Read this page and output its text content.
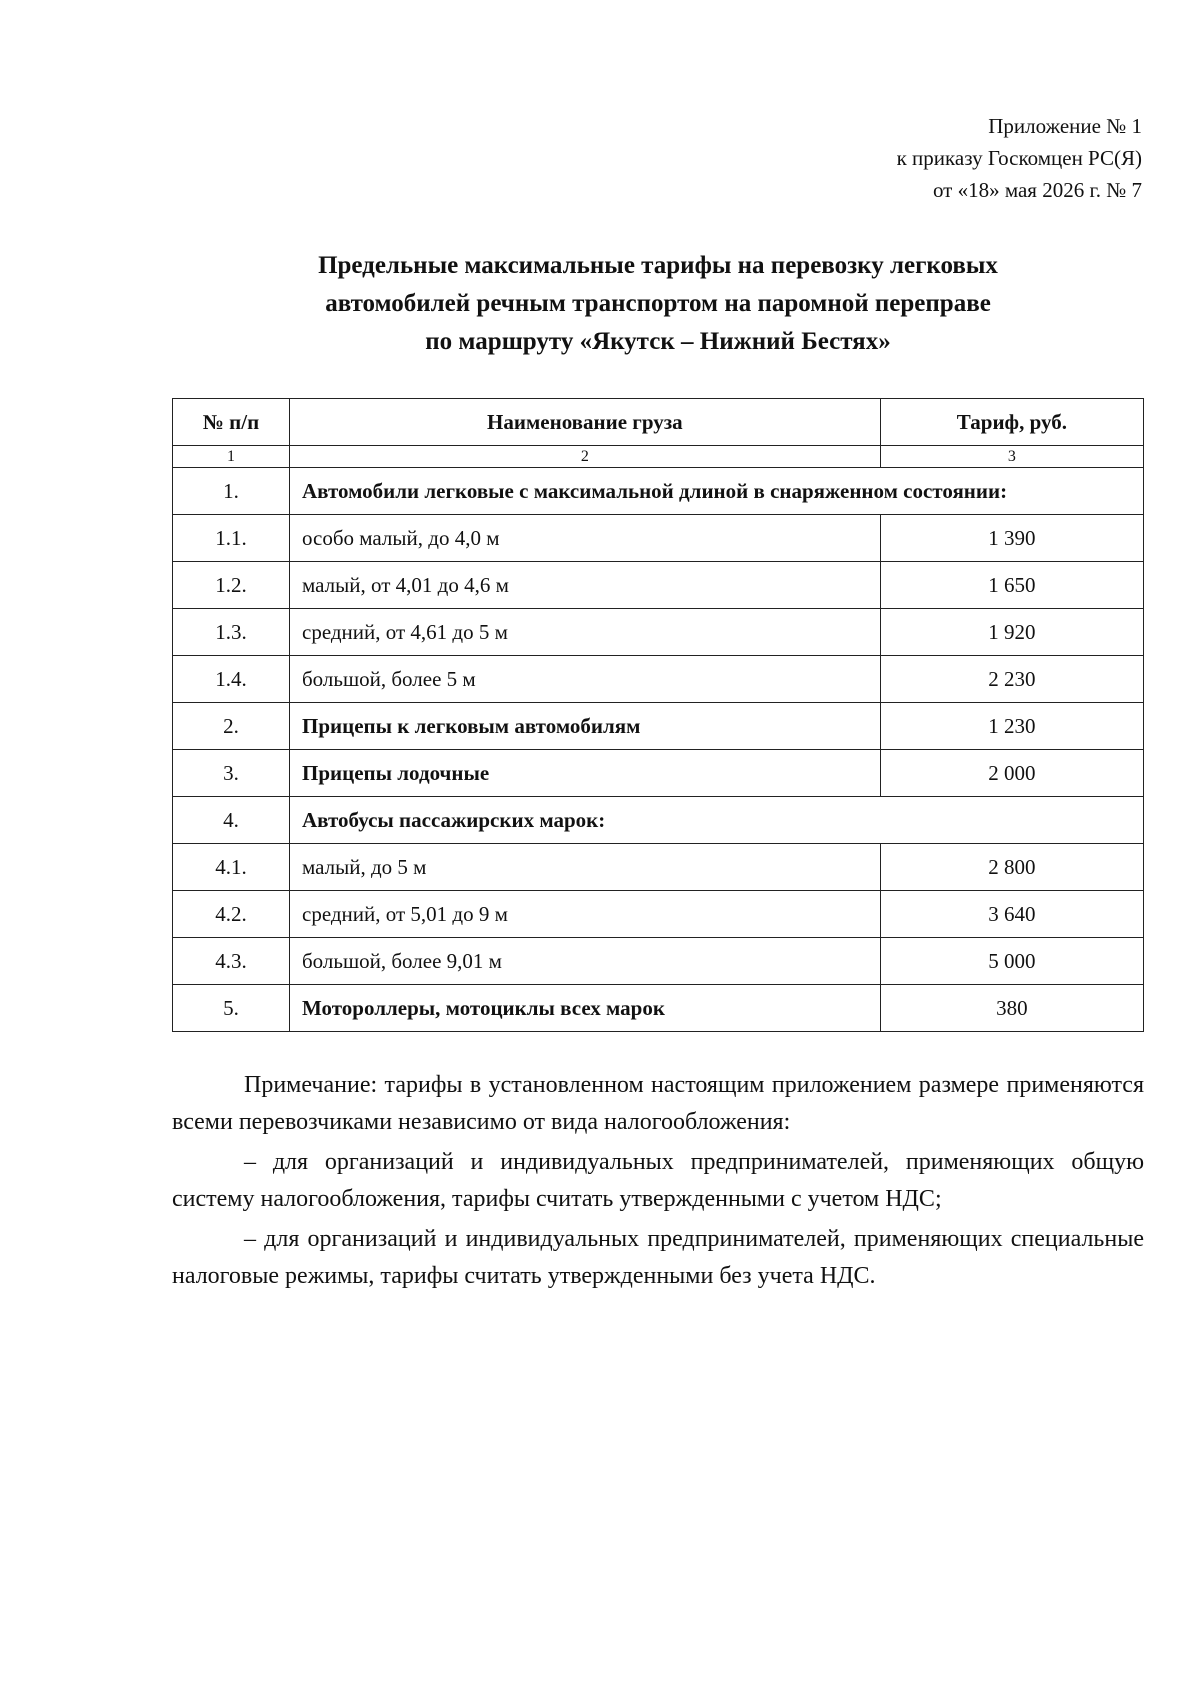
Приложение № 1
к приказу Госкомцен РС(Я)
от «18» мая 2026 г. № 7
Предельные максимальные тарифы на перевозку легковых
автомобилей речным транспортом на паромной переправе
по маршруту «Якутск – Нижний Бестях»
№ п/п	Наименование груза	Тариф, руб.
1	2	3
1.	Автомобили легковые с максимальной длиной в снаряженном состоянии:	
1.1.	особо малый, до 4,0 м	1 390
1.2.	малый, от 4,01 до 4,6 м	1 650
1.3.	средний, от 4,61 до 5 м	1 920
1.4.	большой, более 5 м	2 230
2.	Прицепы к легковым автомобилям	1 230
3.	Прицепы лодочные	2 000
4.	Автобусы пассажирских марок:	
4.1.	малый, до 5 м	2 800
4.2.	средний, от 5,01 до 9 м	3 640
4.3.	большой, более 9,01 м	5 000
5.	Мотороллеры, мотоциклы всех марок	380

Примечание: тарифы в установленном настоящим приложением размере применяются всеми перевозчиками независимо от вида налогообложения:

– для организаций и индивидуальных предпринимателей, применяющих общую систему налогообложения, тарифы считать утвержденными с учетом НДС;

– для организаций и индивидуальных предпринимателей, применяющих специальные налоговые режимы, тарифы считать утвержденными без учета НДС.
